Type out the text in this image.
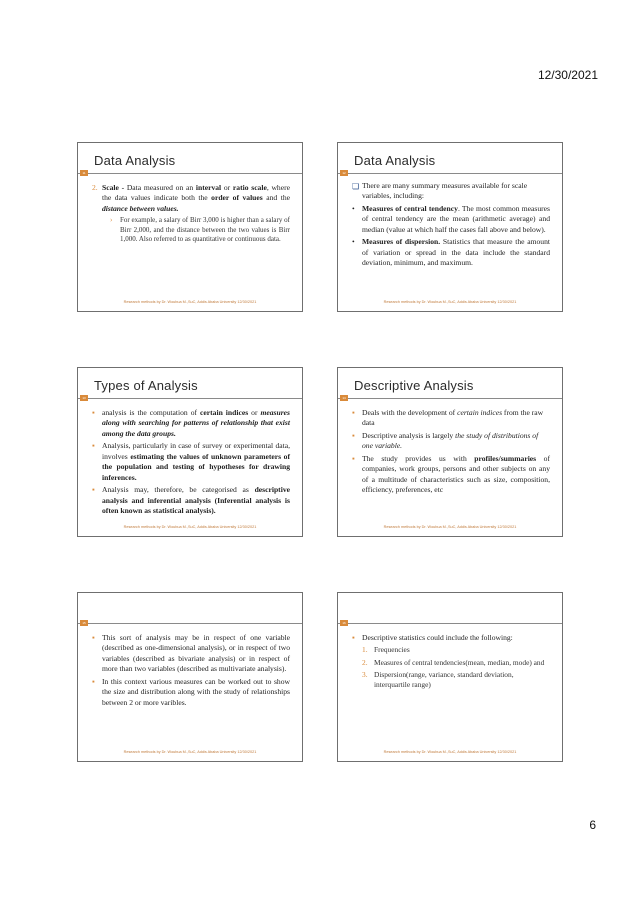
12/30/2021
Data Analysis
11
2. Scale - Data measured on an interval or ratio scale, where the data values indicate both the order of values and the distance between values.
› For example, a salary of Birr 3,000 is higher than a salary of Birr 2,000, and the distance between the two values is Birr 1,000. Also referred to as quantitative or continuous data.
Research methods by Dr. Woubua M.,SuC, Addis Ababa University 12/30/2021
Data Analysis
12
❏ There are many summary measures available for scale variables, including:
• Measures of central tendency. The most common measures of central tendency are the mean (arithmetic average) and median (value at which half the cases fall above and below).
• Measures of dispersion. Statistics that measure the amount of variation or spread in the data include the standard deviation, minimum, and maximum.
Research methods by Dr. Woubua M.,SuC, Addis Ababa University 12/30/2021
Types of Analysis
13
▪ analysis is the computation of certain indices or measures along with searching for patterns of relationship that exist among the data groups.
▪ Analysis, particularly in case of survey or experimental data, involves estimating the values of unknown parameters of the population and testing of hypotheses for drawing inferences.
▪ Analysis may, therefore, be categorised as descriptive analysis and inferential analysis (Inferential analysis is often known as statistical analysis).
Research methods by Dr. Woubua M.,SuC, Addis Ababa University 12/30/2021
Descriptive Analysis
14
▪ Deals with the development of certain indices from the raw data
▪ Descriptive analysis is largely the study of distributions of one variable.
▪ The study provides us with profiles/summaries of companies, work groups, persons and other subjects on any of a multitude of characteristics such as size, composition, efficiency, preferences, etc
Research methods by Dr. Woubua M.,SuC, Addis Ababa University 12/30/2021
15
▪ This sort of analysis may be in respect of one variable (described as one-dimensional analysis), or in respect of two variables (described as bivariate analysis) or in respect of more than two variables (described as multivariate analysis).
▪ In this context various measures can be worked out to show the size and distribution along with the study of relationships between 2 or more varibles.
Research methods by Dr. Woubua M.,SuC, Addis Ababa University 12/30/2021
16
▪ Descriptive statistics could include the following:
1. Frequencies
2. Measures of central tendencies(mean, median, mode) and
3. Dispersion(range, variance, standard deviation, interquartile range)
Research methods by Dr. Woubua M.,SuC, Addis Ababa University 12/30/2021
6
